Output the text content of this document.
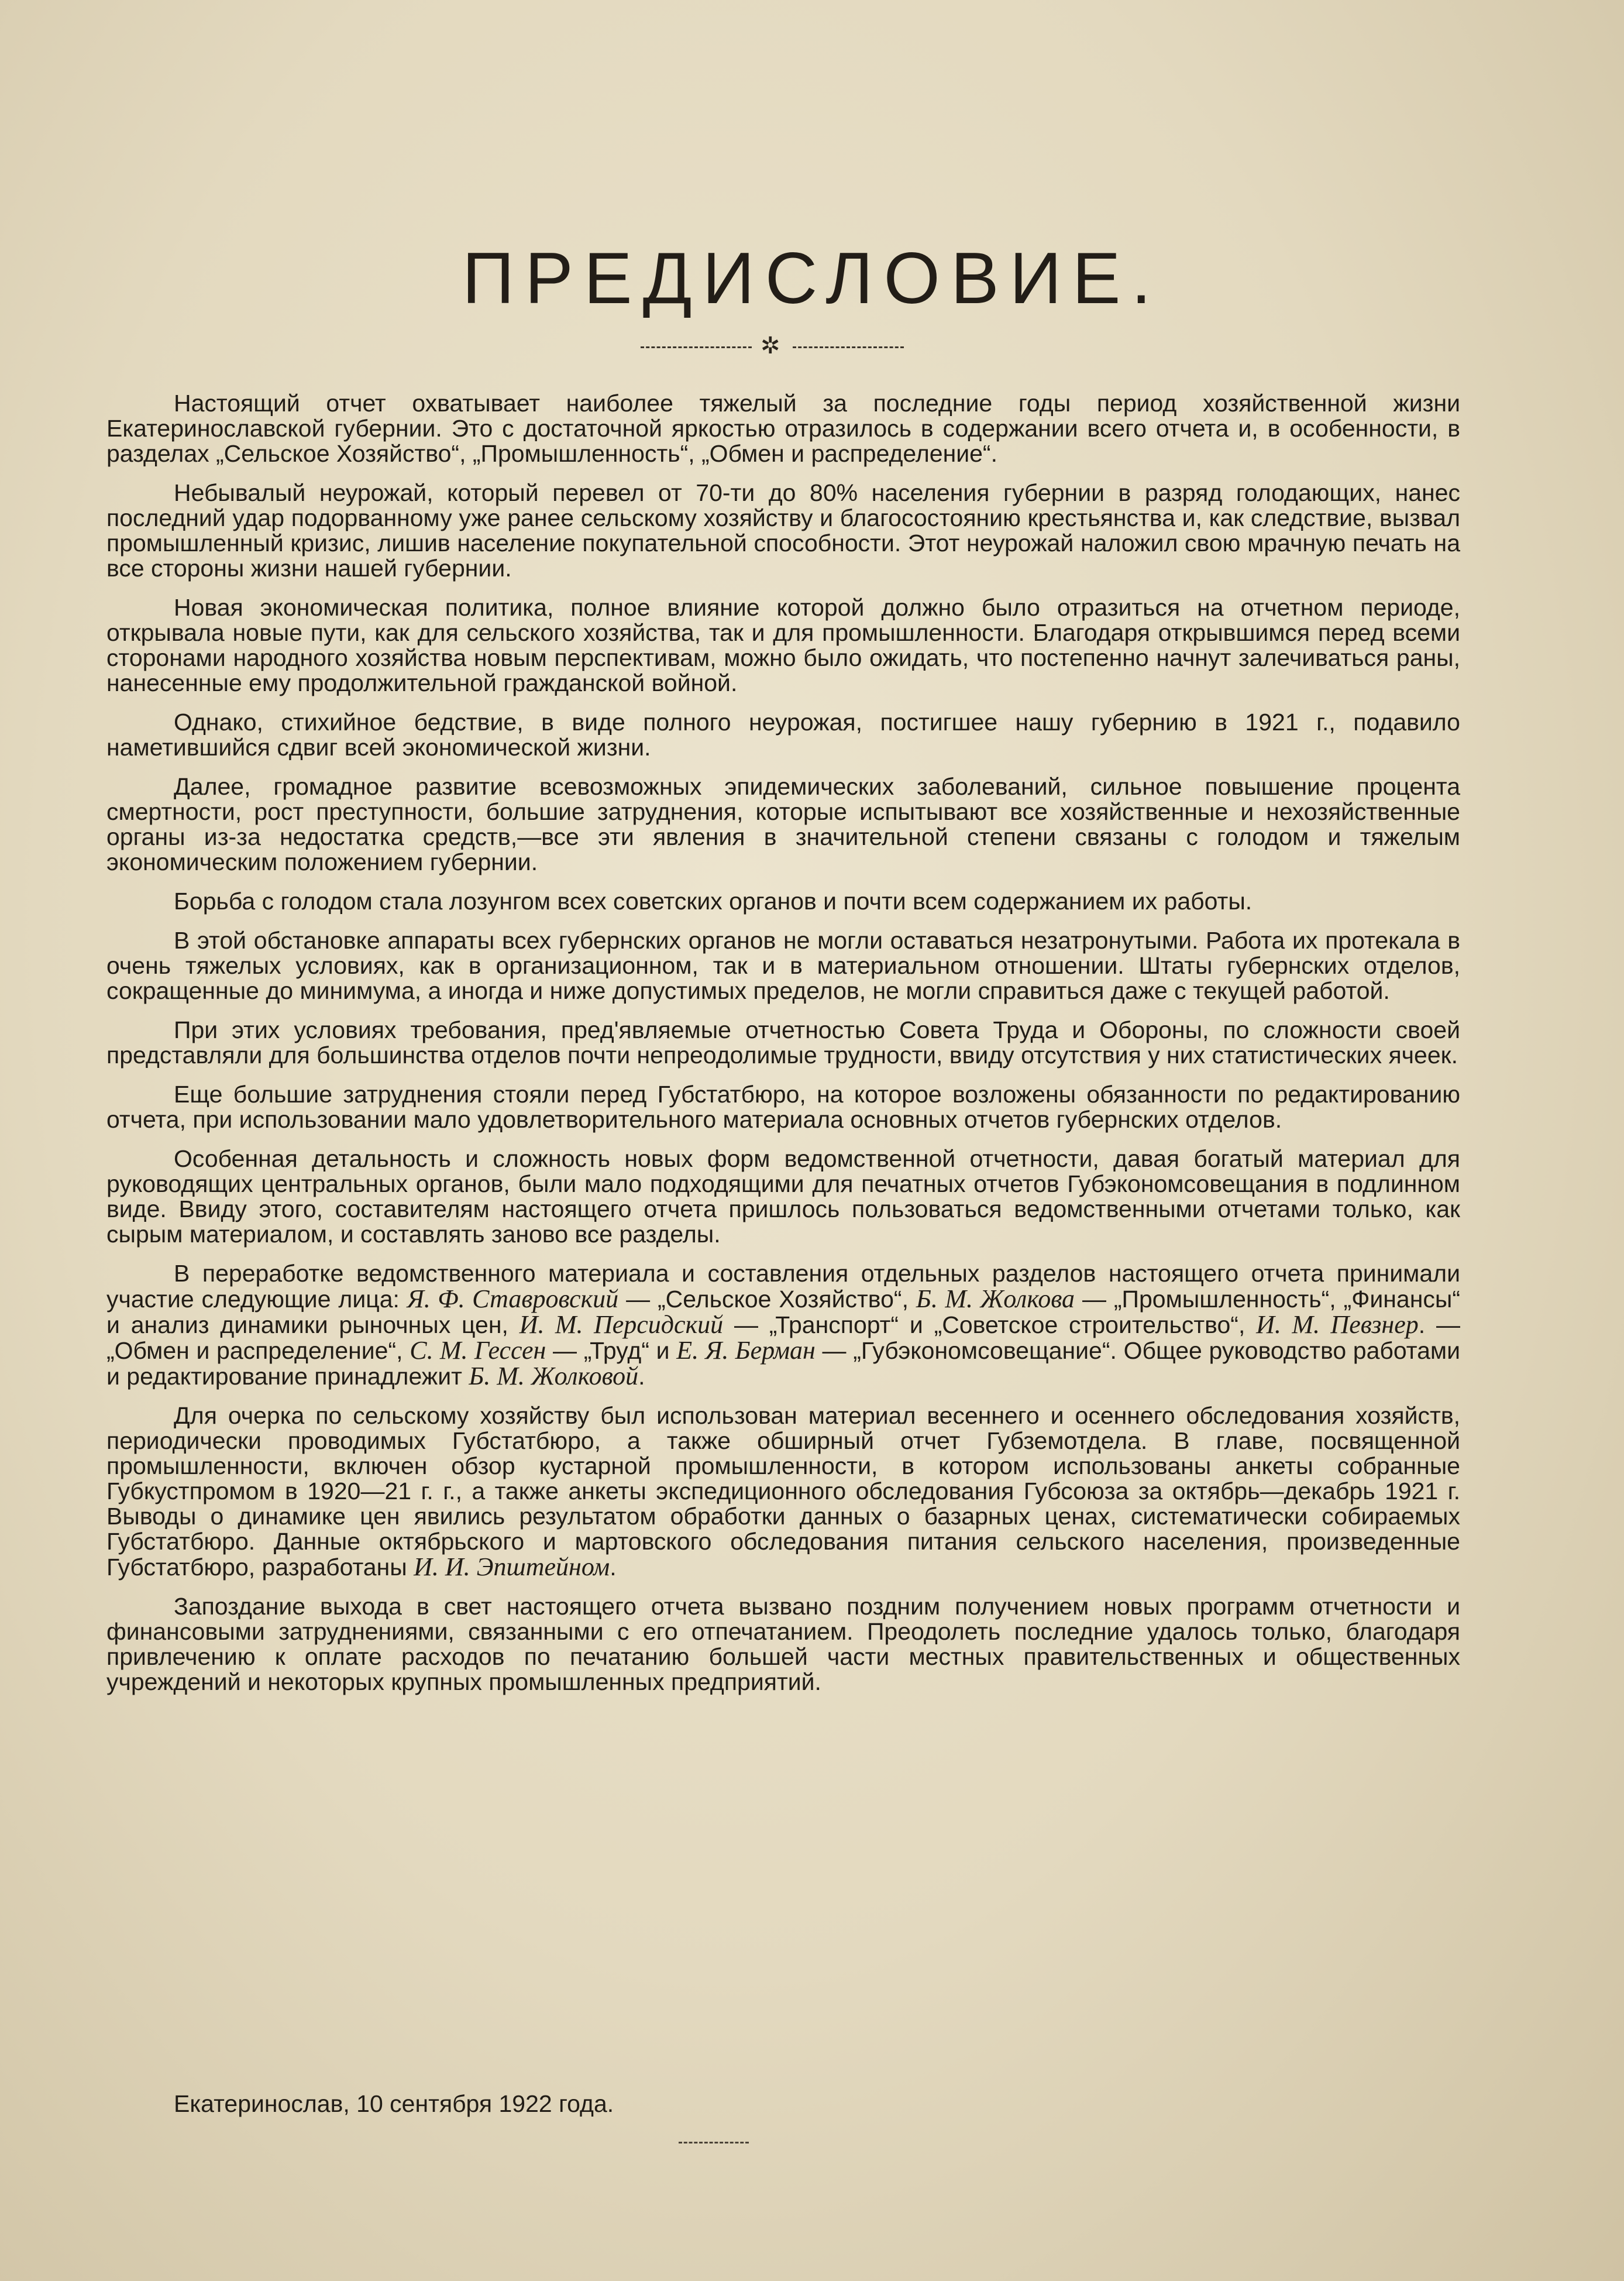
ПРЕДИСЛОВИЕ.
✲

Настоящий отчет охватывает наиболее тяжелый за последние годы период хозяйственной жизни Екатеринославской губернии. Это с достаточной яркостью отразилось в содержании всего отчета и, в особенности, в разделах „Сельское Хозяйство“, „Промышленность“, „Обмен и распределение“.

Небывалый неурожай, который перевел от 70-ти до 80% населения губернии в разряд голодающих, нанес последний удар подорванному уже ранее сельскому хозяйству и благосостоянию крестьянства и, как следствие, вызвал промышленный кризис, лишив население покупательной способности. Этот неурожай наложил свою мрачную печать на все стороны жизни нашей губернии.

Новая экономическая политика, полное влияние которой должно было отразиться на отчетном периоде, открывала новые пути, как для сельского хозяйства, так и для промышленности. Благодаря открывшимся перед всеми сторонами народного хозяйства новым перспективам, можно было ожидать, что постепенно начнут залечиваться раны, нанесенные ему продолжительной гражданской войной.

Однако, стихийное бедствие, в виде полного неурожая, постигшее нашу губернию в 1921 г., подавило наметившийся сдвиг всей экономической жизни.

Далее, громадное развитие всевозможных эпидемических заболеваний, сильное повышение процента смертности, рост преступности, большие затруднения, которые испытывают все хозяйственные и нехозяйственные органы из-за недостатка средств,—все эти явления в значительной степени связаны с голодом и тяжелым экономическим положением губернии.

Борьба с голодом стала лозунгом всех советских органов и почти всем содержанием их работы.

В этой обстановке аппараты всех губернских органов не могли оставаться незатронутыми. Работа их протекала в очень тяжелых условиях, как в организационном, так и в материальном отношении. Штаты губернских отделов, сокращенные до минимума, а иногда и ниже допустимых пределов, не могли справиться даже с текущей работой.

При этих условиях требования, пред'являемые отчетностью Совета Труда и Обороны, по сложности своей представляли для большинства отделов почти непреодолимые трудности, ввиду отсутствия у них статистических ячеек.

Еще большие затруднения стояли перед Губстатбюро, на которое возложены обязанности по редактированию отчета, при использовании мало удовлетворительного материала основных отчетов губернских отделов.

Особенная детальность и сложность новых форм ведомственной отчетности, давая богатый материал для руководящих центральных органов, были мало подходящими для печатных отчетов Губэкономсовещания в подлинном виде. Ввиду этого, составителям настоящего отчета пришлось пользоваться ведомственными отчетами только, как сырым материалом, и составлять заново все разделы.

В переработке ведомственного материала и составления отдельных разделов настоящего отчета принимали участие следующие лица: Я. Ф. Ставровский — „Сельское Хозяйство“, Б. М. Жолкова — „Промышленность“, „Финансы“ и анализ динамики рыночных цен, И. М. Персидский — „Транспорт“ и „Советское строительство“, И. М. Певзнер. — „Обмен и распределение“, С. М. Гессен — „Труд“ и Е. Я. Берман — „Губэкономсовещание“. Общее руководство работами и редактирование принадлежит Б. М. Жолковой.

Для очерка по сельскому хозяйству был использован материал весеннего и осеннего обследования хозяйств, периодически проводимых Губстатбюро, а также обширный отчет Губземотдела. В главе, посвященной промышленности, включен обзор кустарной промышленности, в котором использованы анкеты собранные Губкустпромом в 1920—21 г. г., а также анкеты экспедиционного обследования Губсоюза за октябрь—декабрь 1921 г. Выводы о динамике цен явились результатом обработки данных о базарных ценах, систематически собираемых Губстатбюро. Данные октябрьского и мартовского обследования питания сельского населения, произведенные Губстатбюро, разработаны И. И. Эпштейном.

Запоздание выхода в свет настоящего отчета вызвано поздним получением новых программ отчетности и финансовыми затруднениями, связанными с его отпечатанием. Преодолеть последние удалось только, благодаря привлечению к оплате расходов по печатанию большей части местных правительственных и общественных учреждений и некоторых крупных промышленных предприятий.

Екатеринослав, 10 сентября 1922 года.
